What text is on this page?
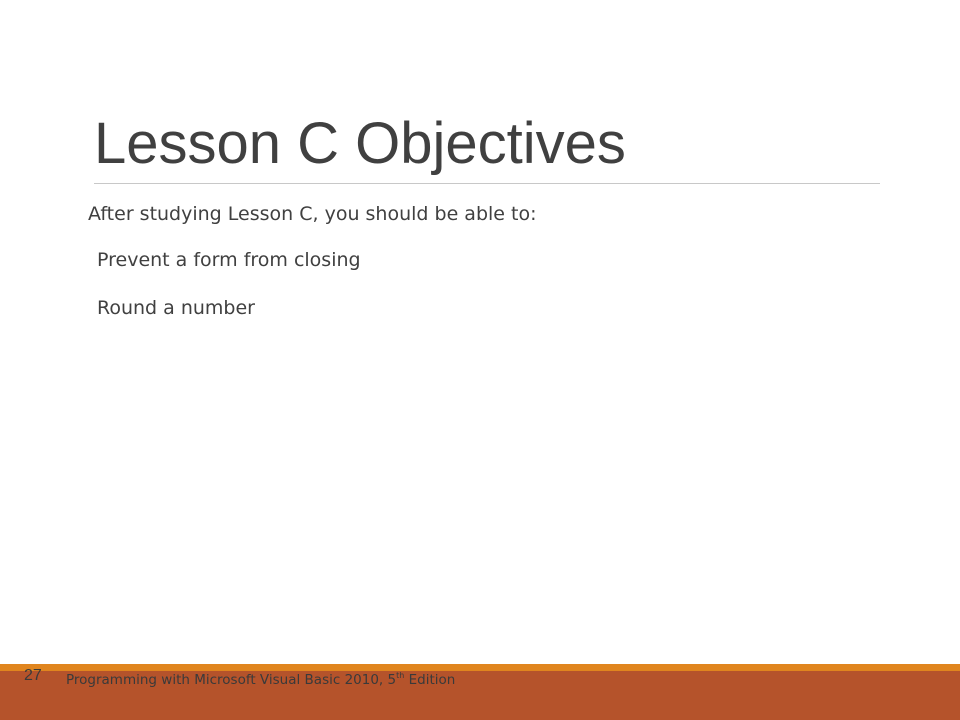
Lesson C Objectives
After studying Lesson C, you should be able to:
Prevent a form from closing
Round a number
27 Programming with Microsoft Visual Basic 2010, 5th Edition
